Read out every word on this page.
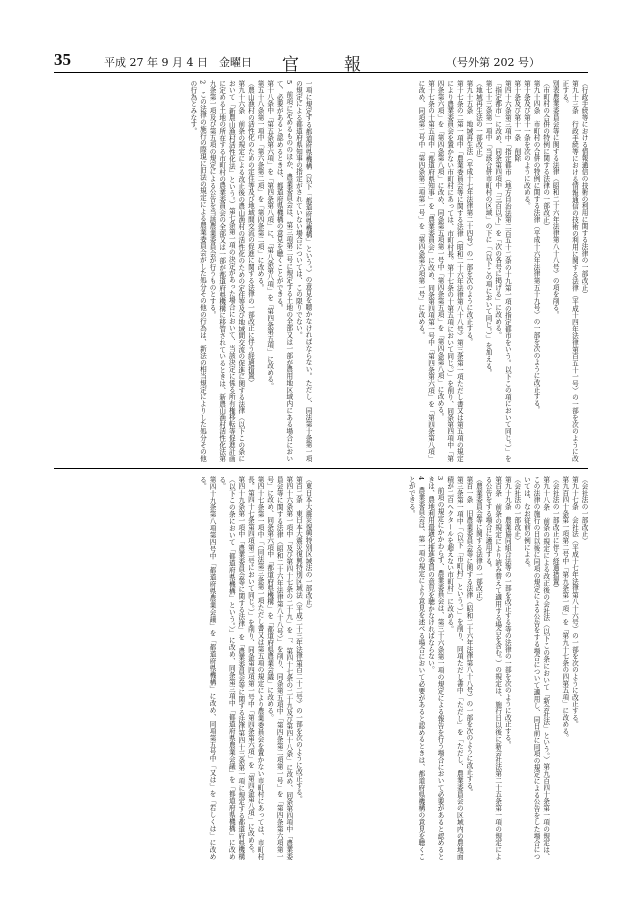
35	平成 27 年 9 月 4 日　金曜日 官　報	（号外第 202 号）
（行政手続等における情報通信の技術の利用に関する法律の一部改正）
第九十三条　行政手続等における情報通信の技術の利用に関する法律（平成十四年法律第百五十一号）の一部を次のように改正する。
別表農業委員会等に関する法律（昭和二十六年法律第八十八号）の項を削る。
（市町村の合併の特例に関する法律の一部改正）
第九十四条　市町村の合併の特例に関する法律（平成十六年法律第五十九号）の一部を次のように改正する。
第十条及び第十一条を次のように改める。
第十条及び第十一条　削除
第四十六条第三項中「指定都市（地方自治法第二百五十二条の十九第一項の指定都市をいう。以下この項において同じ。）」を「指定都市」に改め、同条第四項中「三百以下」を「次の各号に掲げる」に改める。
第七十三条第一項中「当該合併市町村の区域」の下に「（以下この項において同じ。）」を加える。
（地域再生法の一部改正）
第九十五条　地域再生法（平成十七年法律第二十四号）の一部を次のように改正する。
第十七条の二第一項中「農業委員会等に関する法律（昭和二十六年法律第八十八号）第三条第一項ただし書又は第五項の規定により農業委員会を置かない市町村にあっては、市町村長。第十七条の十第五項において同じ。）」を削り、同条第四項中「第四条第六項」を「第四条第八項」に改め、同条第五項第一号中「第四条第五項」を「第四条第八項」に改める。
第十七条の十第五項中「都道府県知事」を「農業委員会」に改め、同条第四項第一号中「第四条第六項」を「第四条第八項」に改め、同項第二号中「第四条第二項第一号」を「第四条第六項第一号」に改める。
一項に規定する都道府県機構（以下「都道府県機構」という。）の意見を聴かなければならない。ただし、同法第十条第一項の規定による都道府県知事の指定がされていない場合については、この限りでない。
5　前項に定めるもののほか、農業委員会は、第三項第二号に規定する土地の全部又は一部が農用地区域内にある場合において、必要があると認めるときは、都道府県機構の意見を聴くことができる。
第十八条中「第五条第六項」を「第四条第八項」に、「第八条第八項」を「第四条第五項」に改める。
第五十八条第一項中「第六条第二項」を「第四条第二項」に改める。
（農山漁村の活性化のための定住等及び地域間交流の促進に関する法律の一部改正に伴う経過措置）
第九十六条　前条の規定による改正後の農山漁村の活性化のための定住等及び地域間交流の促進に関する法律（以下この条において「新農山漁村活性化法」という。）第七条第一項の決定があった場合において、当該決定に係る所有権移転等促進計画に定める土地の所在する市町村の農業委員会の全部又は一部が都道府県機構に移管されているときは、新農山漁村活性化法第九条第一項及び第五項の規定による公告を当該農業委員会が行うものとする。
2　この法律の施行の際現に旧法の規定による農業委員会がした処分その他の行為は、新法の相当規定によりした処分その他の行為とみなす。
（会社法の一部改正）
第九十七条　会社法（平成十七年法律第八十六号）の一部を次のように改正する。
第九百四十条第一項第二号中「第九条第一項」を「第九十七条の四第五項」に改める。
（会社法の一部改正に伴う経過措置）
第九十八条　前条の規定による改正後の会社法（以下この条において「新会社法」という。）第九百四十条第一項の規定は、この法律の施行の日以後に同項の規定による公告をする場合について適用し、同日前に同項の規定による公告をした場合については、なお従前の例による。
（会社法の一部改正）
第九十九条　農業協同組合法等の一部を改正する等の法律の一部を次のように改正する。
第百条　前条の規定により読み替えて適用する場合を含む。）の規定は、施行日以後に新会社法第二十五条第一項の規定による公告をする場合に適用する。
（農業委員会等に関する法律の一部改正）
第百一条　旧農業委員会等に関する法律（昭和二十六年法律第八十八号）の一部を次のように改正する。
第三条第一項中「（以下「市町村」という。）」を削り、同項ただし書中「ただし」を「ただし、農業委員会の区域内の農地面積が二百ヘクタールを超えない市町村」に改める。
3　前項の規定にかかわらず、農業委員会は、第三十六条第一項の規定による報告を行う場合において必要があると認めるときは、農地利用最適化推進委員の意見を聴かなければならない。
4　農業委員会は、第一項の規定により意見を述べる場合において必要があると認めるときは、都道府県機構の意見を聴くことができる。
（東日本大震災復興特別区域法の一部改正）
第百二条　東日本大震災復興特別区域法（平成二十三年法律第百二十二号）の一部を次のように改正する。
第四十六条第一項中「及び第四十七条の二十九」を「、第四十七条の二十九及び第四十八条」に改め、同条第四項中「農業委員会等に関する法律（昭和二十六年法律第八十八号）」を削り、同条第五項中「第四条第二項第一号」を「第四条第六項第一号」に改め、同条第六項中「都道府県機構」を「都道府県農業会議」に改める。
第四十七条第一項中「（同法第三条第一項ただし書又は第五項の規定により農業委員会を置かない市町村にあっては、市町村長。第四十七条第四項第二号において同じ。）」を削り、同条第四項第一号中「第四条第六項」を「第四条第八項」に改める。
第四十九条第一項中「農業委員会等に関する法律」を「農業委員会等に関する法律第四十三条第一項に規定する都道府県機構（以下この条において「都道府県機構」という。）」に改め、同条第三項中「都道府県農業会議」を「都道府県機構」に改める。
第四十九条第八項第四号中「都道府県農業会議」を「都道府県機構」に改め、同項第五号中「又は」を「若しくは」に改める。
